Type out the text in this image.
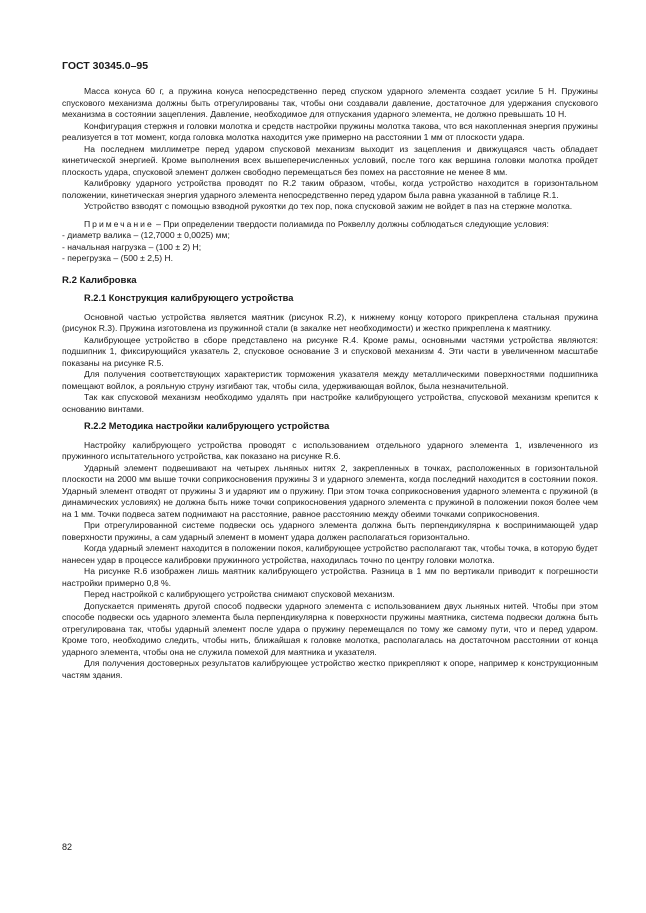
ГОСТ 30345.0–95

Масса конуса 60 г, а пружина конуса непосредственно перед спуском ударного элемента создает усилие 5 Н. Пружины спускового механизма должны быть отрегулированы так, чтобы они создавали давление, достаточное для удержания спускового механизма в состоянии зацепления. Давление, необходимое для отпускания ударного элемента, не должно превышать 10 Н.

Конфигурация стержня и головки молотка и средств настройки пружины молотка такова, что вся накопленная энергия пружины реализуется в тот момент, когда головка молотка находится уже примерно на расстоянии 1 мм от плоскости удара.

На последнем миллиметре перед ударом спусковой механизм выходит из зацепления и движущаяся часть обладает кинетической энергией. Кроме выполнения всех вышеперечисленных условий, после того как вершина головки молотка пройдет плоскость удара, спусковой элемент должен свободно перемещаться без помех на расстояние не менее 8 мм.

Калибровку ударного устройства проводят по R.2 таким образом, чтобы, когда устройство находится в горизонтальном положении, кинетическая энергия ударного элемента непосредственно перед ударом была равна указанной в таблице R.1.

Устройство взводят с помощью взводной рукоятки до тех пор, пока спусковой зажим не войдет в паз на стержне молотка.

Примечание – При определении твердости полиамида по Роквеллу должны соблюдаться следующие условия:

- диаметр валика – (12,7000 ± 0,0025) мм;
- начальная нагрузка – (100 ± 2) Н;
- перегрузка – (500 ± 2,5) Н.
R.2 Калибровка
R.2.1 Конструкция калибрующего устройства

Основной частью устройства является маятник (рисунок R.2), к нижнему концу которого прикреплена стальная пружина (рисунок R.3). Пружина изготовлена из пружинной стали (в закалке нет необходимости) и жестко прикреплена к маятнику.

Калибрующее устройство в сборе представлено на рисунке R.4. Кроме рамы, основными частями устройства являются: подшипник 1, фиксирующийся указатель 2, спусковое основание 3 и спусковой механизм 4. Эти части в увеличенном масштабе показаны на рисунке R.5.

Для получения соответствующих характеристик торможения указателя между металлическими поверхностями подшипника помещают войлок, а рояльную струну изгибают так, чтобы сила, удерживающая войлок, была незначительной.

Так как спусковой механизм необходимо удалять при настройке калибрующего устройства, спусковой механизм крепится к основанию винтами.

R.2.2 Методика настройки калибрующего устройства

Настройку калибрующего устройства проводят с использованием отдельного ударного элемента 1, извлеченного из пружинного испытательного устройства, как показано на рисунке R.6.

Ударный элемент подвешивают на четырех льняных нитях 2, закрепленных в точках, расположенных в горизонтальной плоскости на 2000 мм выше точки соприкосновения пружины 3 и ударного элемента, когда последний находится в состоянии покоя. Ударный элемент отводят от пружины 3 и ударяют им о пружину. При этом точка соприкосновения ударного элемента с пружиной (в динамических условиях) не должна быть ниже точки соприкосновения ударного элемента с пружиной в положении покоя более чем на 1 мм. Точки подвеса затем поднимают на расстояние, равное расстоянию между обеими точками соприкосновения.

При отрегулированной системе подвески ось ударного элемента должна быть перпендикулярна к воспринимающей удар поверхности пружины, а сам ударный элемент в момент удара должен располагаться горизонтально.

Когда ударный элемент находится в положении покоя, калибрующее устройство располагают так, чтобы точка, в которую будет нанесен удар в процессе калибровки пружинного устройства, находилась точно по центру головки молотка.

На рисунке R.6 изображен лишь маятник калибрующего устройства. Разница в 1 мм по вертикали приводит к погрешности настройки примерно 0,8 %.

Перед настройкой с калибрующего устройства снимают спусковой механизм.

Допускается применять другой способ подвески ударного элемента с использованием двух льняных нитей. Чтобы при этом способе подвески ось ударного элемента была перпендикулярна к поверхности пружины маятника, система подвески должна быть отрегулирована так, чтобы ударный элемент после удара о пружину перемещался по тому же самому пути, что и перед ударом. Кроме того, необходимо следить, чтобы нить, ближайшая к головке молотка, располагалась на достаточном расстоянии от конца ударного элемента, чтобы она не служила помехой для маятника и указателя.

Для получения достоверных результатов калибрующее устройство жестко прикрепляют к опоре, например к конструкционным частям здания.

82
